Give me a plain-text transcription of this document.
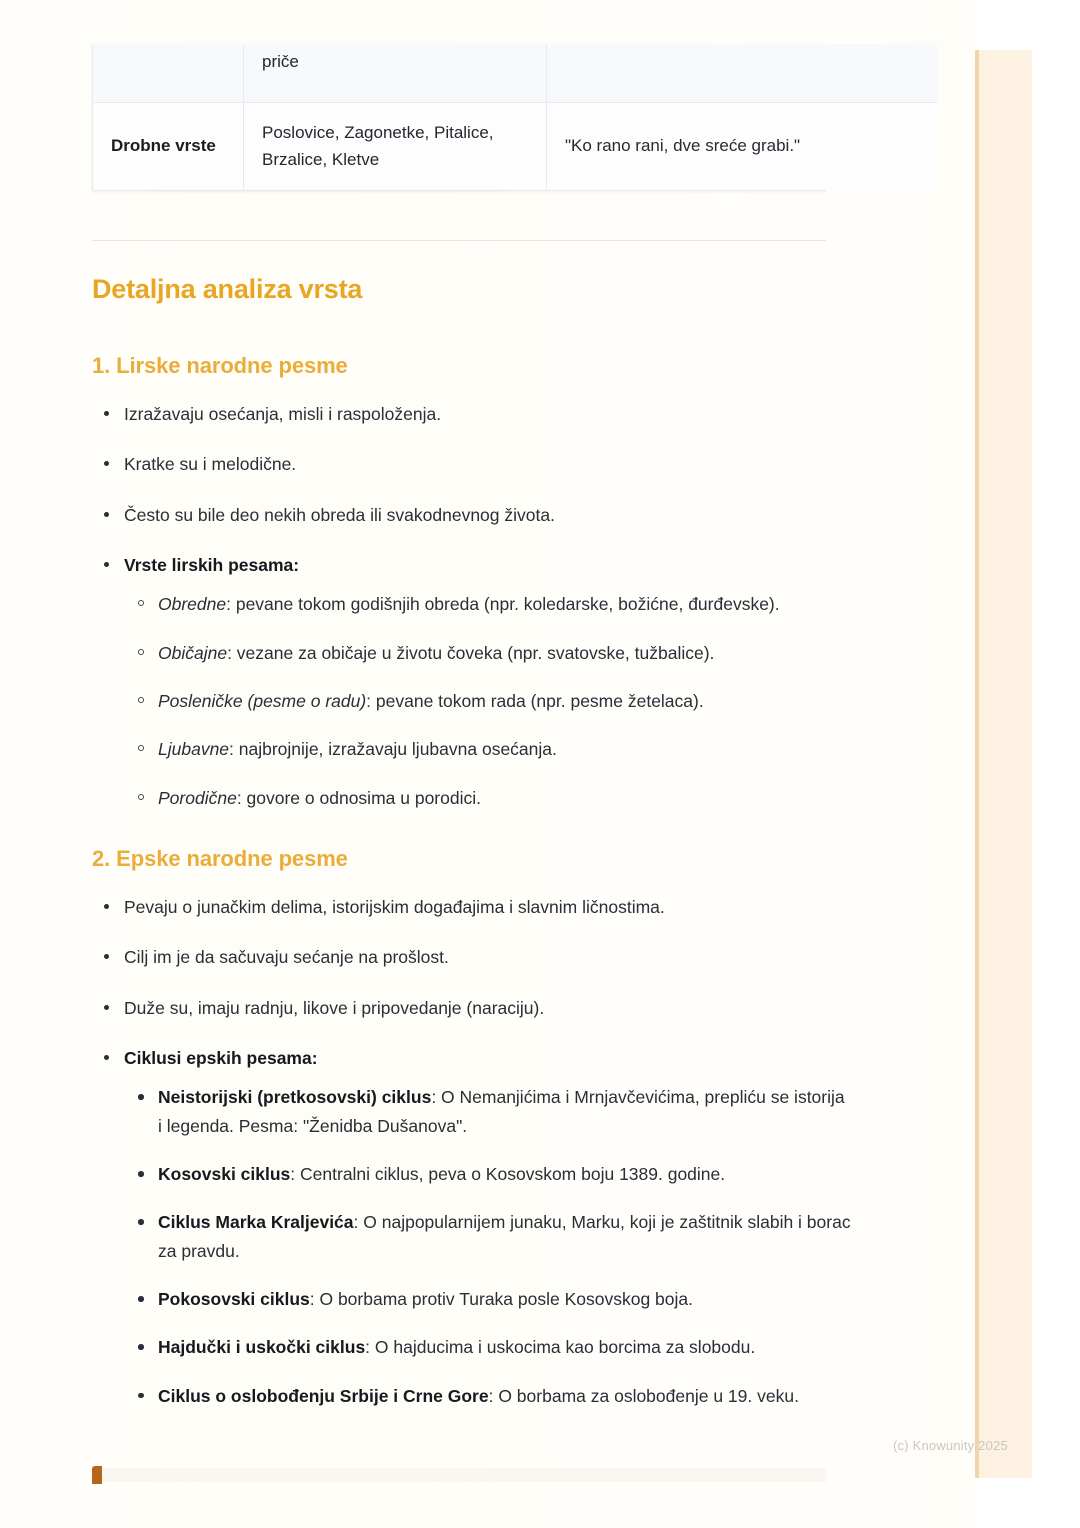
	priče	
Drobne vrste	Poslovice, Zagonetke, Pitalice, Brzalice, Kletve	"Ko rano rani, dve sreće grabi."
Detaljna analiza vrsta
1. Lirske narodne pesme
Izražavaju osećanja, misli i raspoloženja.
Kratke su i melodične.
Često su bile deo nekih obreda ili svakodnevnog života.
Vrste lirskih pesama:
Obredne: pevane tokom godišnjih obreda (npr. koledarske, božićne, đurđevske).
Običajne: vezane za običaje u životu čoveka (npr. svatovske, tužbalice).
Posleničke (pesme o radu): pevane tokom rada (npr. pesme žetelaca).
Ljubavne: najbrojnije, izražavaju ljubavna osećanja.
Porodične: govore o odnosima u porodici.
2. Epske narodne pesme
Pevaju o junačkim delima, istorijskim događajima i slavnim ličnostima.
Cilj im je da sačuvaju sećanje na prošlost.
Duže su, imaju radnju, likove i pripovedanje (naraciju).
Ciklusi epskih pesama:
Neistorijski (pretkosovski) ciklus: O Nemanjićima i Mrnjavčevićima, prepliću se istorija i legenda. Pesma: "Ženidba Dušanova".
Kosovski ciklus: Centralni ciklus, peva o Kosovskom boju 1389. godine.
Ciklus Marka Kraljevića: O najpopularnijem junaku, Marku, koji je zaštitnik slabih i borac za pravdu.
Pokosovski ciklus: O borbama protiv Turaka posle Kosovskog boja.
Hajdučki i uskočki ciklus: O hajducima i uskocima kao borcima za slobodu.
Ciklus o oslobođenju Srbije i Crne Gore: O borbama za oslobođenje u 19. veku.
(c) Knowunity 2025
